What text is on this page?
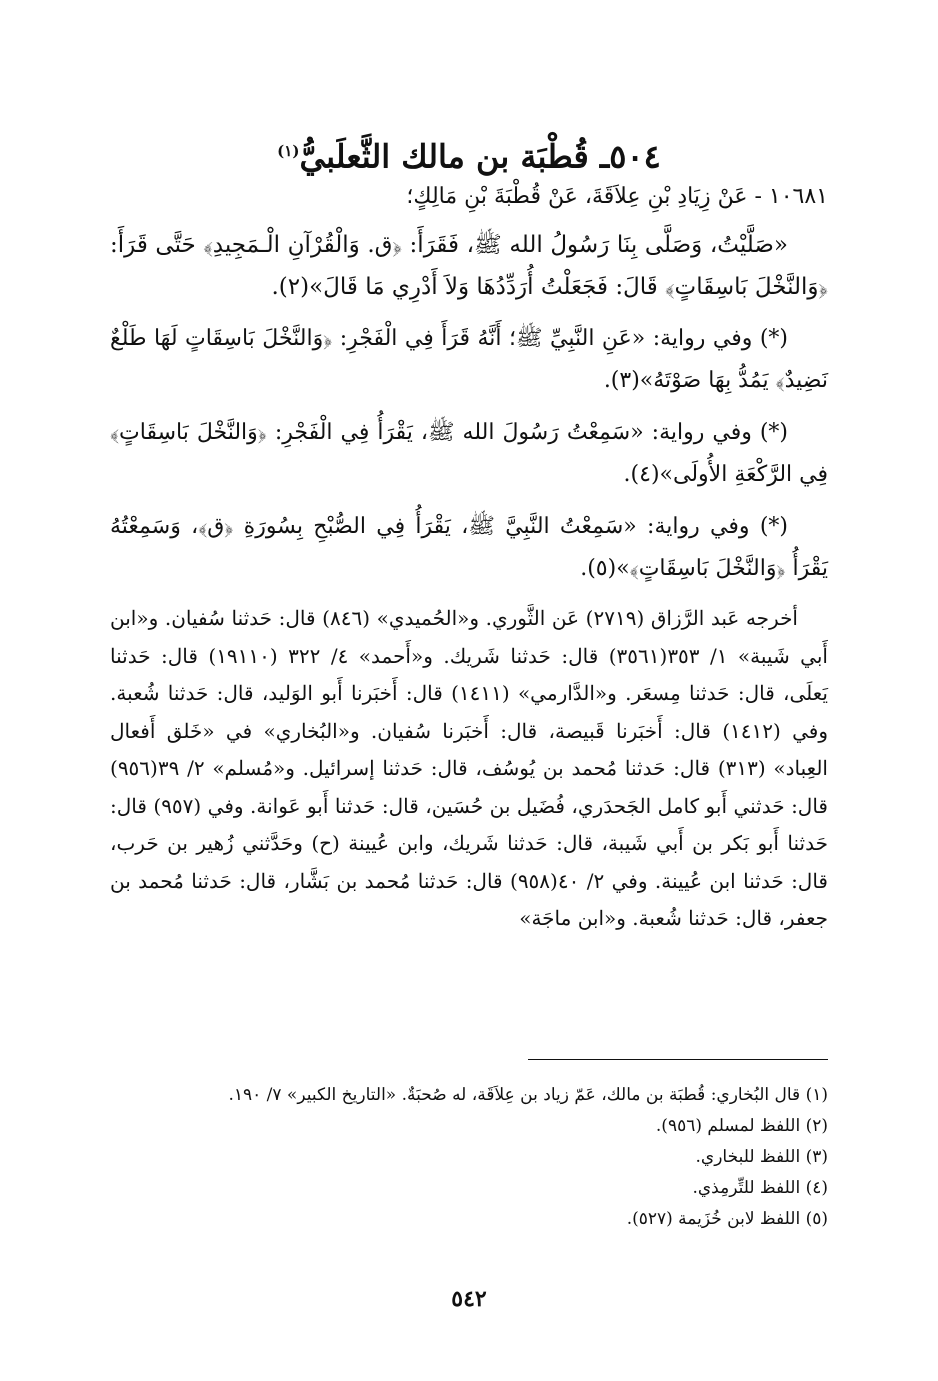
٥٠٤ـ قُطْبَة بن مالك الثَّعلَبيُّ$^{(١)}$

١٠٦٨١ - عَنْ زِيَادِ بْنِ عِلاَقَةَ، عَنْ قُطْبَةَ بْنِ مَالِكٍ؛

«صَلَّيْتُ، وَصَلَّى بِنَا رَسُولُ الله ﷺ، فَقَرَأَ: ﴿ق. وَالْقُرْآنِ الْـمَجِيدِ﴾ حَتَّى قَرَأَ: ﴿وَالنَّخْلَ بَاسِقَاتٍ﴾ قَالَ: فَجَعَلْتُ أُرَدِّدُهَا وَلاَ أَدْرِي مَا قَالَ»(٢).

(*) وفي رواية: «عَنِ النَّبِيِّ ﷺ؛ أَنَّهُ قَرَأَ فِي الْفَجْرِ: ﴿وَالنَّخْلَ بَاسِقَاتٍ لَهَا طَلْعٌ نَضِيدٌ﴾ يَمُدُّ بِهَا صَوْتَهُ»(٣).

(*) وفي رواية: «سَمِعْتُ رَسُولَ الله ﷺ، يَقْرَأُ فِي الْفَجْرِ: ﴿وَالنَّخْلَ بَاسِقَاتٍ﴾ فِي الرَّكْعَةِ الأُولَى»(٤).

(*) وفي رواية: «سَمِعْتُ النَّبِيَّ ﷺ، يَقْرَأُ فِي الصُّبْحِ بِسُورَةِ ﴿ق﴾، وَسَمِعْتُهُ يَقْرَأُ ﴿وَالنَّخْلَ بَاسِقَاتٍ﴾»(٥).

أخرجه عَبد الرَّزاق (٢٧١٩) عَن الثَّوري. و«الحُميدي» (٨٤٦) قال: حَدثنا سُفيان. و«ابن أَبي شَيبة» ١/ ٣٥٣(٣٥٦١) قال: حَدثنا شَريك. و«أَحمد» ٤/ ٣٢٢ (١٩١١٠) قال: حَدثنا يَعلَى، قال: حَدثنا مِسعَر. و«الدَّارمي» (١٤١١) قال: أَخبَرنا أَبو الوَليد، قال: حَدثنا شُعبة. وفي (١٤١٢) قال: أَخبَرنا قَبيصة، قال: أَخبَرنا سُفيان. و«البُخاري» في «خَلق أَفعال العِباد» (٣١٣) قال: حَدثنا مُحمد بن يُوسُف، قال: حَدثنا إسرائيل. و«مُسلم» ٢/ ٣٩(٩٥٦) قال: حَدثني أَبو كامل الجَحدَري، فُضَيل بن حُسَين، قال: حَدثنا أَبو عَوانة. وفي (٩٥٧) قال: حَدثنا أَبو بَكر بن أَبي شَيبة، قال: حَدثنا شَريك، وابن عُيينة (ح) وحَدَّثني زُهير بن حَرب، قال: حَدثنا ابن عُيينة. وفي ٢/ ٤٠(٩٥٨) قال: حَدثنا مُحمد بن بَشَّار، قال: حَدثنا مُحمد بن جعفر، قال: حَدثنا شُعبة. و«ابن ماجَة»

(١) قال البُخاري: قُطبَة بن مالك، عَمّ زياد بن عِلاَقَة، له صُحبَةٌ. «التاريخ الكبير» ٧/ ١٩٠.
(٢) اللفظ لمسلم (٩٥٦).
(٣) اللفظ للبخاري.
(٤) اللفظ للتِّرمِذي.
(٥) اللفظ لابن خُزَيمة (٥٢٧).
٥٤٢
